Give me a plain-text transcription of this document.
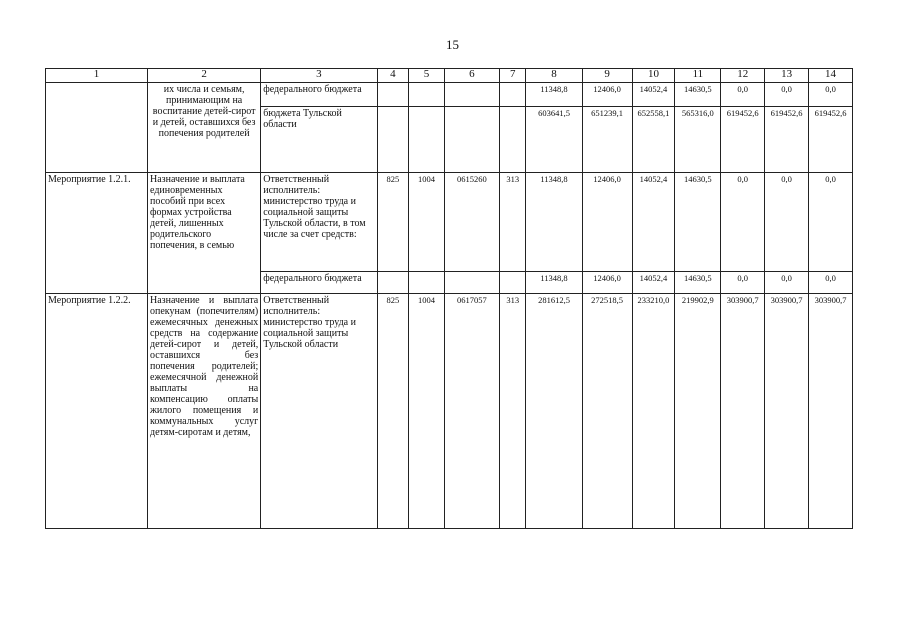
15
1	2	3	4	5	6	7	8	9	10	11	12	13	14
	их числа и семьям, принимающим на воспитание детей-сирот и детей, оставшихся без попечения родителей	федерального бюджета					11348,8	12406,0	14052,4	14630,5	0,0	0,0	0,0
		бюджета Тульской области					603641,5	651239,1	652558,1	565316,0	619452,6	619452,6	619452,6
Мероприятие 1.2.1.	Назначение и выплата единовременных пособий при всех формах устройства детей, лишенных родительского попечения, в семью	Ответственный исполнитель: министерство труда и социальной защиты Тульской области, в том числе за счет средств:	825	1004	0615260	313	11348,8	12406,0	14052,4	14630,5	0,0	0,0	0,0
		федерального бюджета					11348,8	12406,0	14052,4	14630,5	0,0	0,0	0,0
Мероприятие 1.2.2.	Назначение и выплата опекунам (попечителям) ежемесячных денежных средств на содержание детей-сирот и детей, оставшихся без попечения родителей; ежемесячной денежной выплаты на компенсацию оплаты жилого помещения и коммунальных услуг детям-сиротам и детям,	Ответственный исполнитель: министерство труда и социальной защиты Тульской области	825	1004	0617057	313	281612,5	272518,5	233210,0	219902,9	303900,7	303900,7	303900,7
